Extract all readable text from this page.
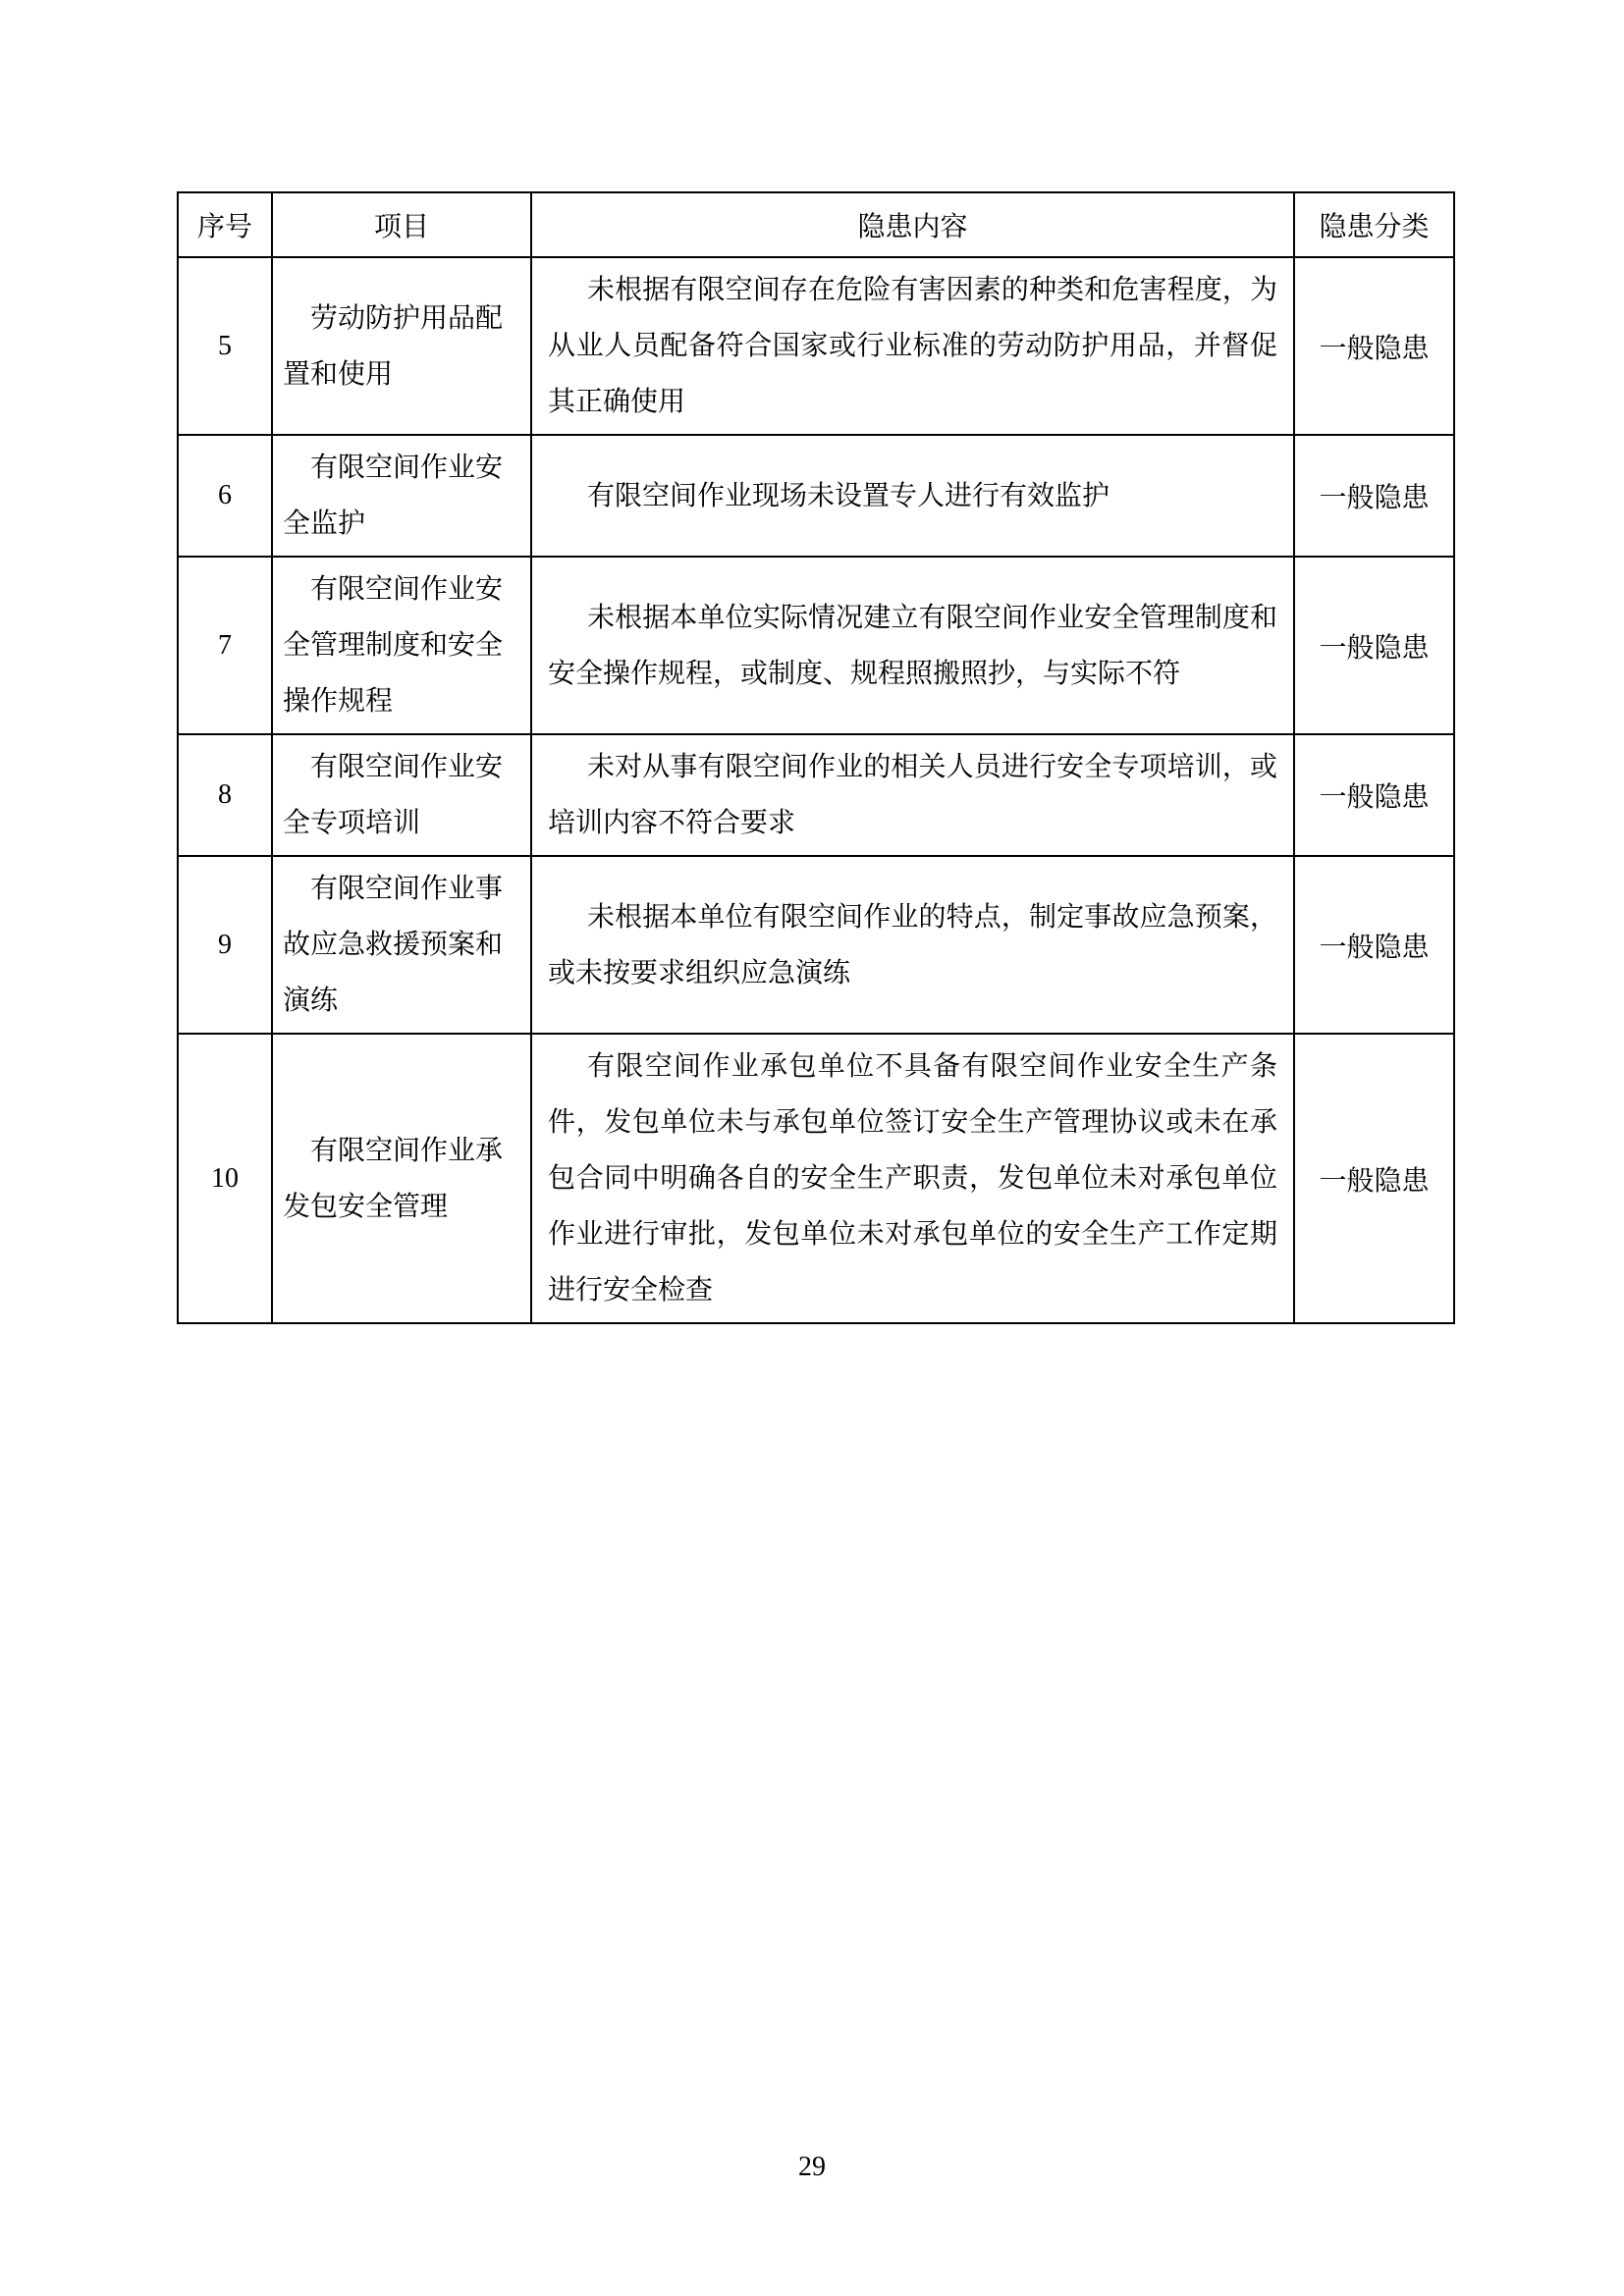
序号	项目	隐患内容	隐患分类
5	劳动防护用品配置和使用	未根据有限空间存在危险有害因素的种类和危害程度，为从业人员配备符合国家或行业标准的劳动防护用品，并督促其正确使用	一般隐患
6	有限空间作业安全监护	有限空间作业现场未设置专人进行有效监护	一般隐患
7	有限空间作业安全管理制度和安全操作规程	未根据本单位实际情况建立有限空间作业安全管理制度和安全操作规程，或制度、规程照搬照抄，与实际不符	一般隐患
8	有限空间作业安全专项培训	未对从事有限空间作业的相关人员进行安全专项培训，或培训内容不符合要求	一般隐患
9	有限空间作业事故应急救援预案和演练	未根据本单位有限空间作业的特点，制定事故应急预案，或未按要求组织应急演练	一般隐患
10	有限空间作业承发包安全管理	有限空间作业承包单位不具备有限空间作业安全生产条件，发包单位未与承包单位签订安全生产管理协议或未在承包合同中明确各自的安全生产职责，发包单位未对承包单位作业进行审批，发包单位未对承包单位的安全生产工作定期进行安全检查	一般隐患
29
